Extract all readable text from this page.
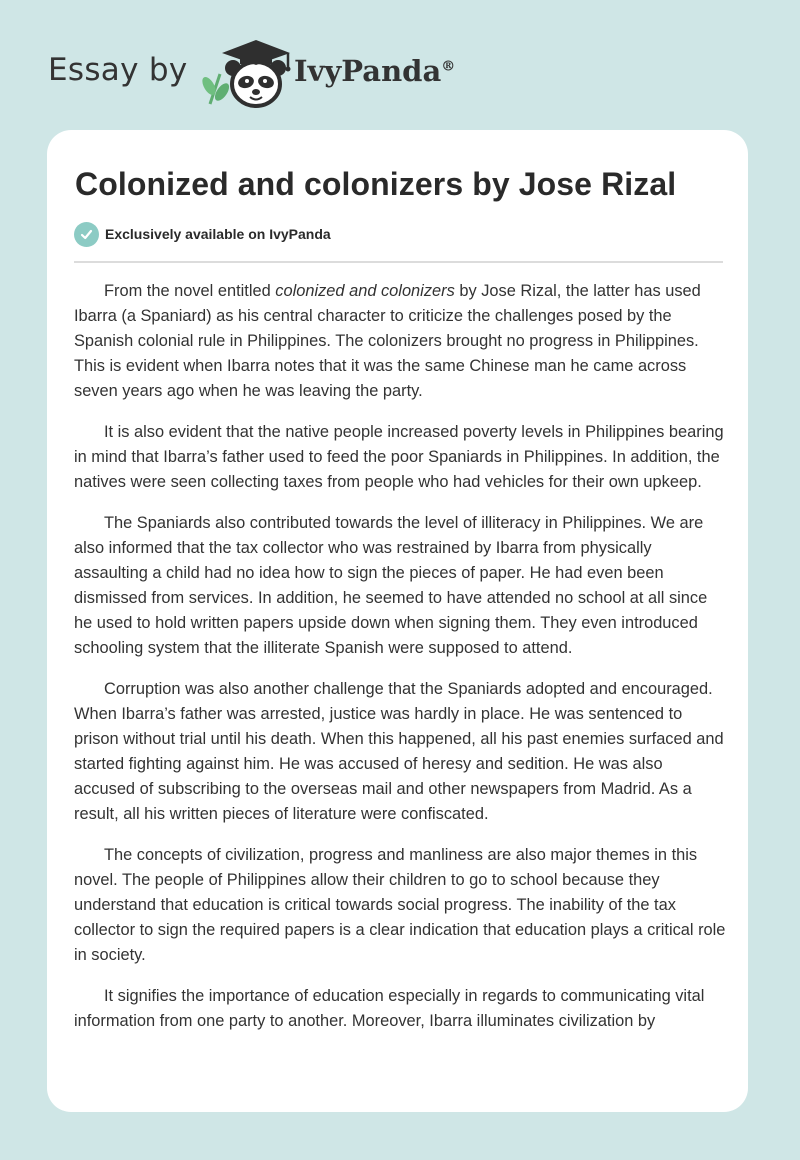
Essay by	IvyPanda®
Colonized and colonizers by Jose Rizal
Exclusively available on IvyPanda

From the novel entitled colonized and colonizers by Jose Rizal, the latter has used Ibarra (a Spaniard) as his central character to criticize the challenges posed by the Spanish colonial rule in Philippines. The colonizers brought no progress in Philippines. This is evident when Ibarra notes that it was the same Chinese man he came across seven years ago when he was leaving the party.

It is also evident that the native people increased poverty levels in Philippines bearing in mind that Ibarra’s father used to feed the poor Spaniards in Philippines. In addition, the natives were seen collecting taxes from people who had vehicles for their own upkeep.

The Spaniards also contributed towards the level of illiteracy in Philippines. We are also informed that the tax collector who was restrained by Ibarra from physically assaulting a child had no idea how to sign the pieces of paper. He had even been dismissed from services. In addition, he seemed to have attended no school at all since he used to hold written papers upside down when signing them. They even introduced schooling system that the illiterate Spanish were supposed to attend.

Corruption was also another challenge that the Spaniards adopted and encouraged. When Ibarra’s father was arrested, justice was hardly in place. He was sentenced to prison without trial until his death. When this happened, all his past enemies surfaced and started fighting against him. He was accused of heresy and sedition. He was also accused of subscribing to the overseas mail and other newspapers from Madrid. As a result, all his written pieces of literature were confiscated.

The concepts of civilization, progress and manliness are also major themes in this novel. The people of Philippines allow their children to go to school because they understand that education is critical towards social progress. The inability of the tax collector to sign the required papers is a clear indication that education plays a critical role in society.

It signifies the importance of education especially in regards to communicating vital information from one party to another. Moreover, Ibarra illuminates civilization by
